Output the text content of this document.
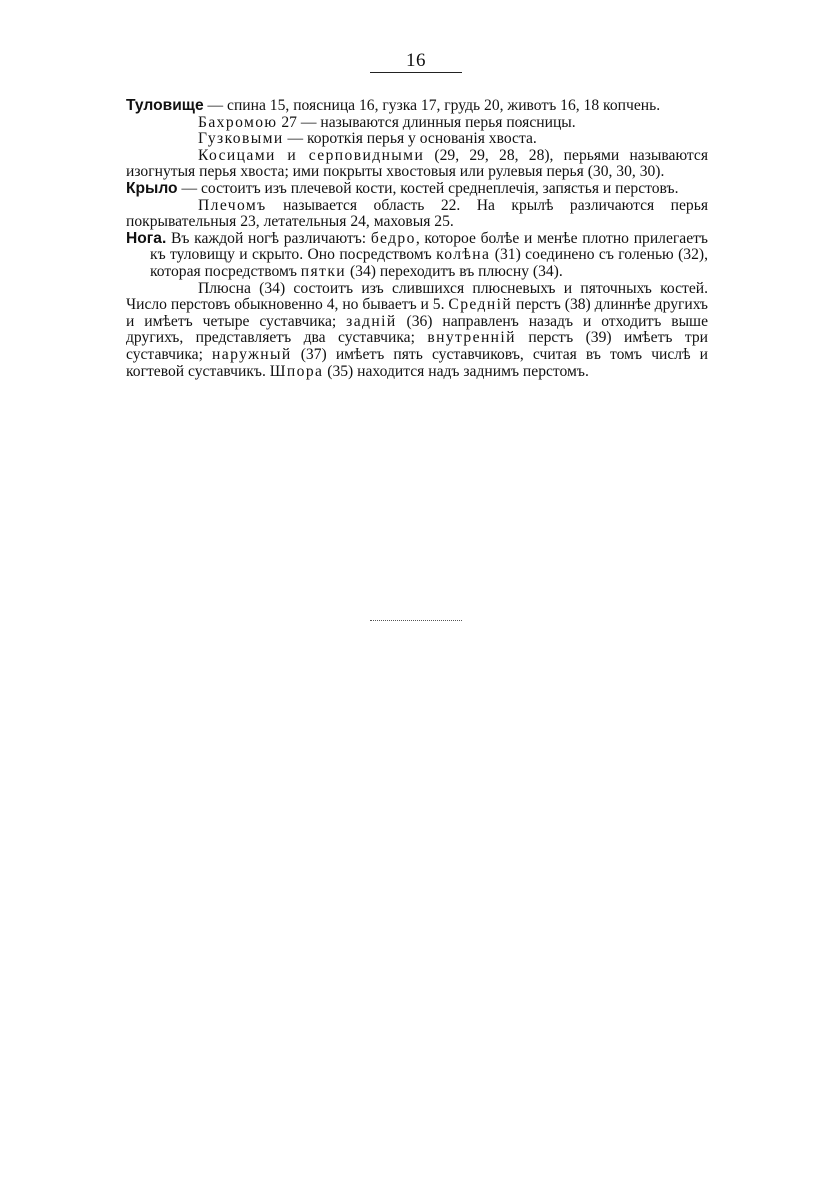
16

Туловище — спина 15, поясница 16, гузка 17, грудь 20, животъ 16, 18 копчень.

Бахромою 27 — называются длинныя перья поясницы.

Гузковыми — короткія перья у основанія хвоста.

Косицами и серповидными (29, 29, 28, 28), перьями называются изогнутыя перья хвоста; ими покрыты хвостовыя или рулевыя перья (30, 30, 30).

Крыло — состоитъ изъ плечевой кости, костей среднеплечія, запястья и перстовъ.

Плечомъ называется область 22. На крылѣ различаются перья покрывательныя 23, летательныя 24, маховыя 25.

Нога. Въ каждой ногѣ различаютъ: бедро, которое болѣе и менѣе плотно прилегаетъ къ туловищу и скрыто. Оно посредствомъ колѣна (31) соединено съ голенью (32), которая посредствомъ пятки (34) переходитъ въ плюсну (34).

Плюсна (34) состоитъ изъ слившихся плюсневыхъ и пяточныхъ костей. Число перстовъ обыкновенно 4, но бываетъ и 5. Средній перстъ (38) длиннѣе другихъ и имѣетъ четыре суставчика; задній (36) направленъ назадъ и отходитъ выше другихъ, представляетъ два суставчика; внутренній перстъ (39) имѣетъ три суставчика; наружный (37) имѣетъ пять суставчиковъ, считая въ томъ числѣ и когтевой суставчикъ. Шпора (35) находится надъ заднимъ перстомъ.
